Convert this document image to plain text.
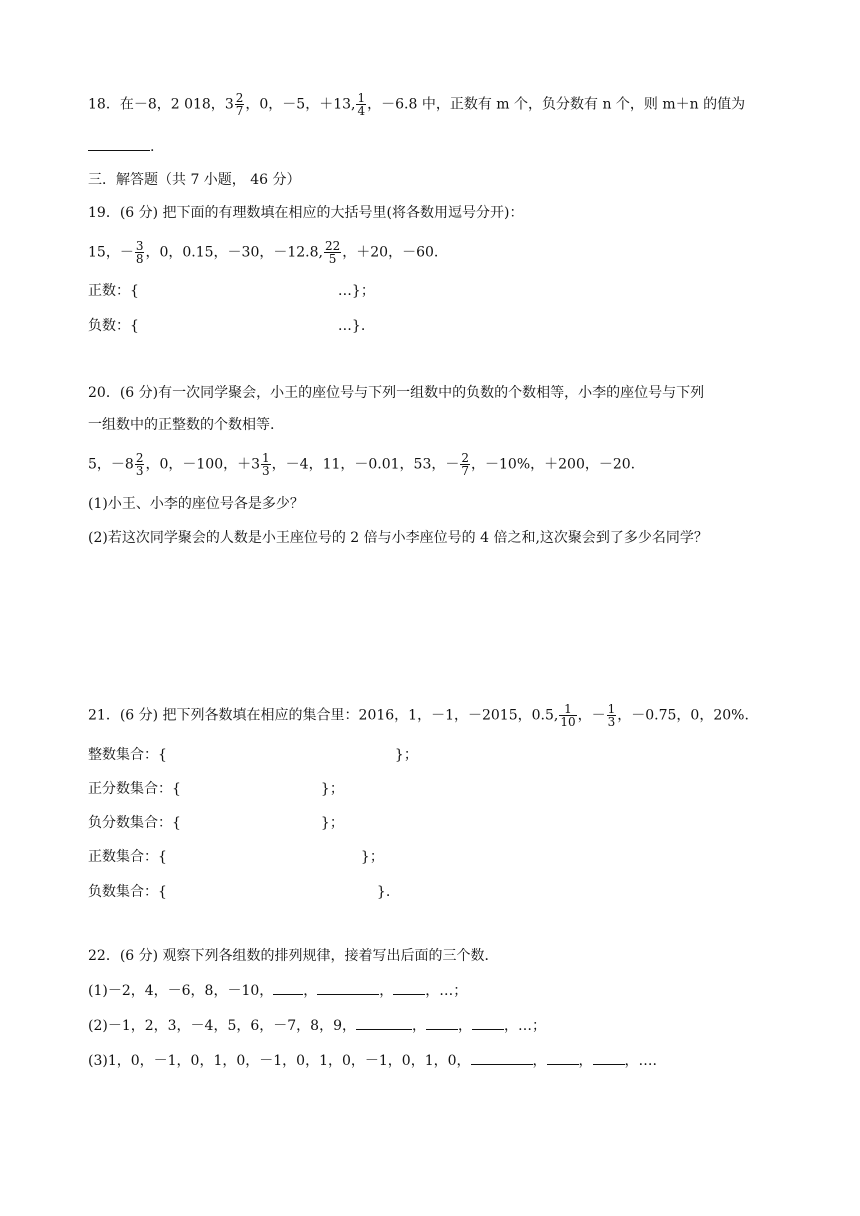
18．在－8，2 018，$3 \frac{2}{7}$ ，0，－5，＋13, $\frac{1}{4}$ ，－6.8 中，正数有 m 个，负分数有 n 个，则 m＋n 的值为
.
三．解答题（共 7 小题， 46 分）
19．(6 分) 把下面的有理数填在相应的大括号里(将各数用逗号分开)：
15，－ $\frac{3}{8}$ ，0，0.15，－30，－12.8, $\frac{22}{5}$ ，＋20，－60.
正数：{	…}；
负数：{	…}.
20．(6 分)有一次同学聚会，小王的座位号与下列一组数中的负数的个数相等，小李的座位号与下列
一组数中的正整数的个数相等.
5，$-8 \frac{2}{3}$ ，0，－100，$+3 \frac{1}{3}$ ，－4，11，－0.01，53，－ $\frac{2}{7}$ ，－10%，＋200，－20.
(1)小王、小李的座位号各是多少？
(2)若这次同学聚会的人数是小王座位号的 2 倍与小李座位号的 4 倍之和,这次聚会到了多少名同学？
21．(6 分) 把下列各数填在相应的集合里：2016，1，－1，－2015，0.5, $\frac{1}{10}$ ，－ $\frac{1}{3}$ ，－0.75，0，20%.
整数集合：{	}；
正分数集合：{	}；
负分数集合：{	}；
正数集合：{	}；
负数集合：{	}.
22．(6 分) 观察下列各组数的排列规律，接着写出后面的三个数．
(1)－2，4，－6，8，－10， ，	， ，…；
(2)－1，2，3，－4，5，6，－7，8，9，	， ， ，…；
(3)1，0，－1，0，1，0，－1，0，1，0，－1，0，1，0，	， ， ，….
